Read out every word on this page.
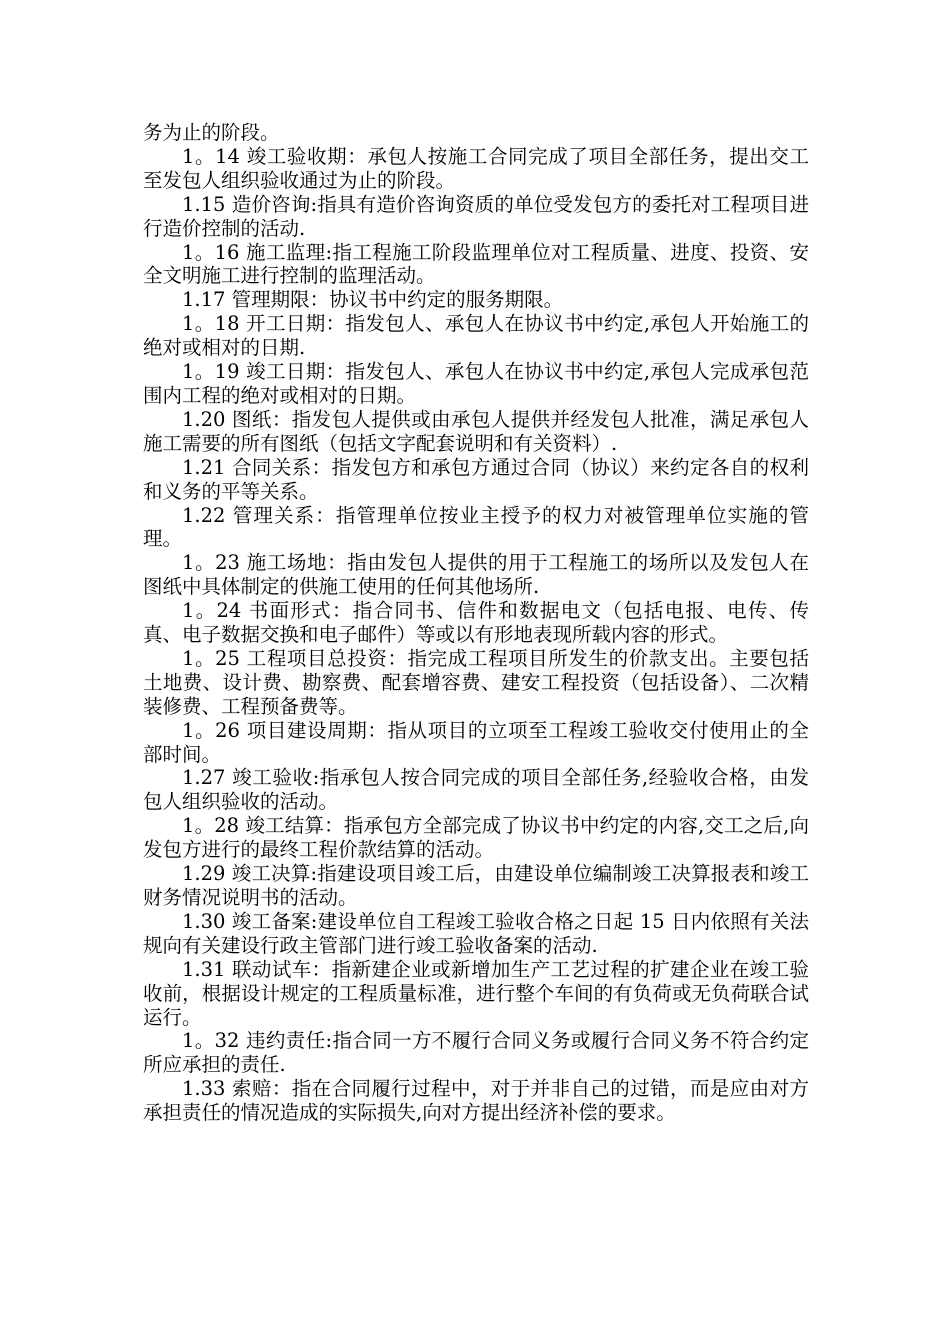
务为止的阶段。

1。14 竣工验收期：承包人按施工合同完成了项目全部任务，提出交工至发包人组织验收通过为止的阶段。

1.15 造价咨询:指具有造价咨询资质的单位受发包方的委托对工程项目进行造价控制的活动.

1。16 施工监理:指工程施工阶段监理单位对工程质量、进度、投资、安全文明施工进行控制的监理活动。

1.17 管理期限：协议书中约定的服务期限。

1。18 开工日期：指发包人、承包人在协议书中约定,承包人开始施工的绝对或相对的日期.

1。19 竣工日期：指发包人、承包人在协议书中约定,承包人完成承包范围内工程的绝对或相对的日期。

1.20 图纸：指发包人提供或由承包人提供并经发包人批准，满足承包人施工需要的所有图纸（包括文字配套说明和有关资料）.

1.21 合同关系：指发包方和承包方通过合同（协议）来约定各自的权利和义务的平等关系。

1.22 管理关系：指管理单位按业主授予的权力对被管理单位实施的管理。

1。23 施工场地：指由发包人提供的用于工程施工的场所以及发包人在图纸中具体制定的供施工使用的任何其他场所.

1。24 书面形式：指合同书、信件和数据电文（包括电报、电传、传真、电子数据交换和电子邮件）等或以有形地表现所载内容的形式。

1。25 工程项目总投资：指完成工程项目所发生的价款支出。主要包括土地费、设计费、勘察费、配套增容费、建安工程投资（包括设备）、二次精装修费、工程预备费等。

1。26 项目建设周期：指从项目的立项至工程竣工验收交付使用止的全部时间。

1.27 竣工验收:指承包人按合同完成的项目全部任务,经验收合格，由发包人组织验收的活动。

1。28 竣工结算：指承包方全部完成了协议书中约定的内容,交工之后,向发包方进行的最终工程价款结算的活动。

1.29 竣工决算:指建设项目竣工后，由建设单位编制竣工决算报表和竣工财务情况说明书的活动。

1.30 竣工备案:建设单位自工程竣工验收合格之日起 15 日内依照有关法规向有关建设行政主管部门进行竣工验收备案的活动.

1.31 联动试车：指新建企业或新增加生产工艺过程的扩建企业在竣工验收前，根据设计规定的工程质量标准，进行整个车间的有负荷或无负荷联合试运行。

1。32 违约责任:指合同一方不履行合同义务或履行合同义务不符合约定所应承担的责任.

1.33 索赔：指在合同履行过程中，对于并非自己的过错，而是应由对方承担责任的情况造成的实际损失,向对方提出经济补偿的要求。
